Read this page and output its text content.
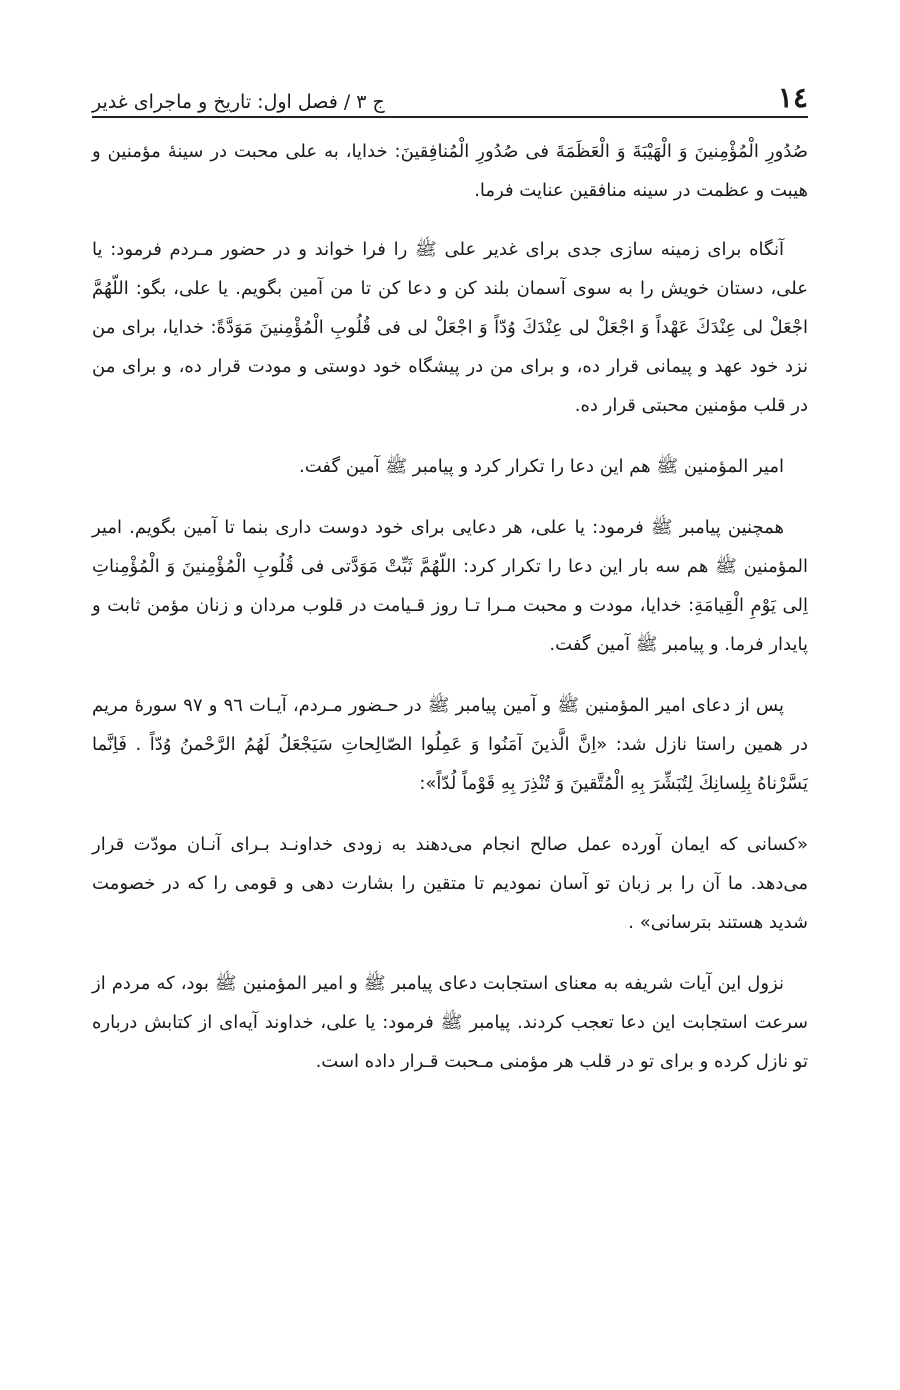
١٤
ج ٣ / فصل اول: تاريخ و ماجراى غدير

صُدُورِ الْمُؤْمِنينَ وَ الْهَيْبَةَ وَ الْعَظَمَةَ فى صُدُورِ الْمُنافِقينَ: خدايا، به على محبت در سينهٔ مؤمنين و هيبت و عظمت در سينه منافقين عنايت فرما.

آنگاه براى زمينه سازى جدى براى غدير على ﷺ را فرا خواند و در حضور مـردم فرمود: يا على، دستان خويش را به سوى آسمان بلند كن و دعا كن تا من آمين بگويم. يا على، بگو: اللّهُمَّ اجْعَلْ لى عِنْدَكَ عَهْداً وَ اجْعَلْ لى عِنْدَكَ وُدّاً وَ اجْعَلْ لى فى قُلُوبِ الْمُؤْمِنينَ مَوَدَّةً: خدايا، براى من نزد خود عهد و پيمانى قرار ده، و براى من در پيشگاه خود دوستى و مودت قرار ده، و براى من در قلب مؤمنين محبتى قرار ده.

امير المؤمنين ﷺ هم اين دعا را تكرار كرد و پيامبر ﷺ آمين گفت.

همچنين پيامبر ﷺ فرمود: يا على، هر دعايى براى خود دوست دارى بنما تا آمين بگويم. امير المؤمنين ﷺ هم سه بار اين دعا را تكرار كرد: اللّهُمَّ ثَبِّتْ مَوَدَّتى فى قُلُوبِ الْمُؤْمِنينَ وَ الْمُؤْمِناتِ اِلى يَوْمِ الْقِيامَةِ: خدايا، مودت و محبت مـرا تـا روز قـيامت در قلوب مردان و زنان مؤمن ثابت و پايدار فرما. و پيامبر ﷺ آمين گفت.

پس از دعاى امير المؤمنين ﷺ و آمين پيامبر ﷺ در حـضور مـردم، آيـات ٩٦ و ٩٧ سورهٔ مريم در همين راستا نازل شد: «اِنَّ الَّذينَ آمَنُوا وَ عَمِلُوا الصّالِحاتِ سَيَجْعَلُ لَهُمُ الرَّحْمنُ وُدّاً . فَاِنَّما يَسَّرْناهُ بِلِسانِكَ لِتُبَشِّرَ بِهِ الْمُتَّقينَ وَ تُنْذِرَ بِهِ قَوْماً لُدّاً»:

«كسانى كه ايمان آورده عمل صالح انجام مى‌دهند به زودى خداونـد بـراى آنـان مودّت قرار مى‌دهد. ما آن را بر زبان تو آسان نموديم تا متقين را بشارت دهى و قومى را كه در خصومت شديد هستند بترسانى» .

نزول اين آيات شريفه به معناى استجابت دعاى پيامبر ﷺ و امير المؤمنين ﷺ بود، كه مردم از سرعت استجابت اين دعا تعجب كردند. پيامبر ﷺ فرمود: يا على، خداوند آيه‌اى از كتابش درباره تو نازل كرده و براى تو در قلب هر مؤمنى مـحبت قـرار داده است.
